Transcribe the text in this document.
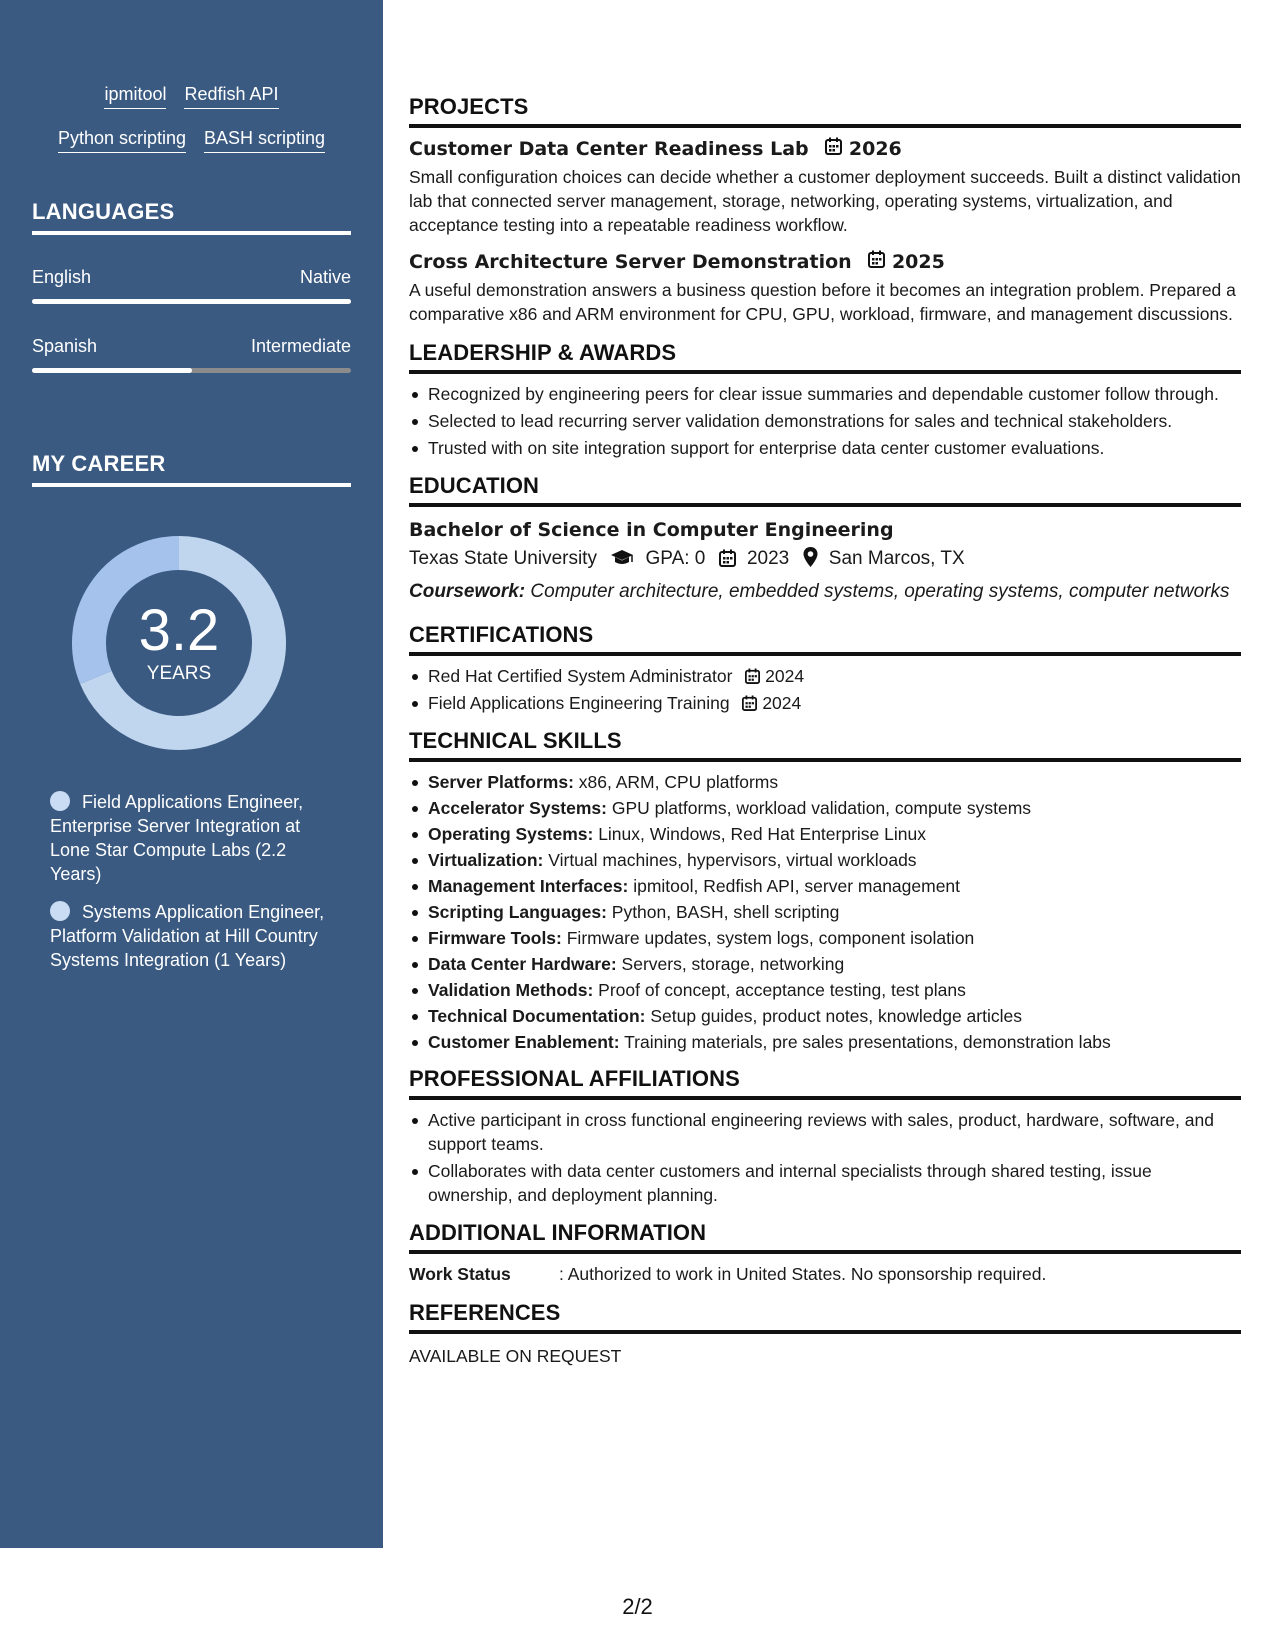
ipmitool Redfish API
Python scripting BASH scripting
LANGUAGES
English	Native
Spanish	Intermediate
MY CAREER
3.2
YEARS
Field Applications Engineer, Enterprise Server Integration at Lone Star Compute Labs (2.2 Years)
Systems Application Engineer, Platform Validation at Hill Country Systems Integration (1 Years)
PROJECTS
Customer Data Center Readiness Lab 2026
Small configuration choices can decide whether a customer deployment succeeds. Built a distinct validation lab that connected server management, storage, networking, operating systems, virtualization, and acceptance testing into a repeatable readiness workflow.
Cross Architecture Server Demonstration 2025
A useful demonstration answers a business question before it becomes an integration problem. Prepared a comparative x86 and ARM environment for CPU, GPU, workload, firmware, and management discussions.
LEADERSHIP & AWARDS
Recognized by engineering peers for clear issue summaries and dependable customer follow through.
Selected to lead recurring server validation demonstrations for sales and technical stakeholders.
Trusted with on site integration support for enterprise data center customer evaluations.
EDUCATION
Bachelor of Science in Computer Engineering
Texas State University	GPA: 0 2023 San Marcos, TX
Coursework: Computer architecture, embedded systems, operating systems, computer networks
CERTIFICATIONS
Red Hat Certified System Administrator 2024
Field Applications Engineering Training 2024
TECHNICAL SKILLS
Server Platforms: x86, ARM, CPU platforms
Accelerator Systems: GPU platforms, workload validation, compute systems
Operating Systems: Linux, Windows, Red Hat Enterprise Linux
Virtualization: Virtual machines, hypervisors, virtual workloads
Management Interfaces: ipmitool, Redfish API, server management
Scripting Languages: Python, BASH, shell scripting
Firmware Tools: Firmware updates, system logs, component isolation
Data Center Hardware: Servers, storage, networking
Validation Methods: Proof of concept, acceptance testing, test plans
Technical Documentation: Setup guides, product notes, knowledge articles
Customer Enablement: Training materials, pre sales presentations, demonstration labs
PROFESSIONAL AFFILIATIONS
Active participant in cross functional engineering reviews with sales, product, hardware, software, and support teams.
Collaborates with data center customers and internal specialists through shared testing, issue ownership, and deployment planning.
ADDITIONAL INFORMATION
Work Status	: Authorized to work in United States. No sponsorship required.
REFERENCES
AVAILABLE ON REQUEST
2/2
